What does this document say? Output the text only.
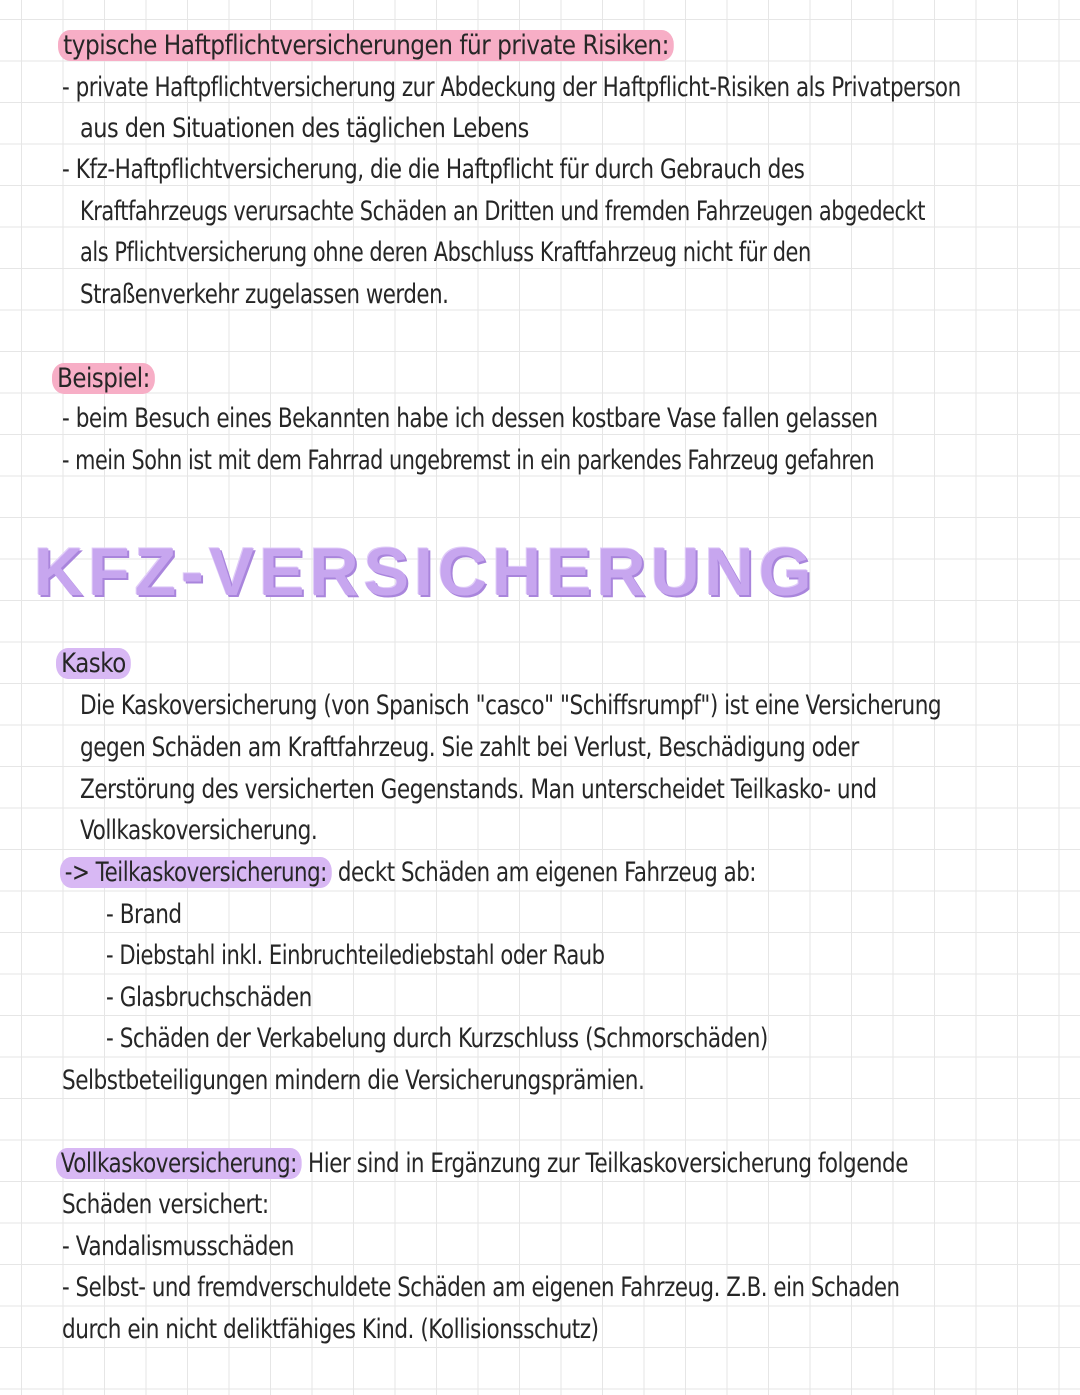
typische Haftpflichtversicherungen für private Risiken:
- private Haftpflichtversicherung zur Abdeckung der Haftpflicht-Risiken als Privatperson
aus den Situationen des täglichen Lebens
- Kfz-Haftpflichtversicherung, die die Haftpflicht für durch Gebrauch des
Kraftfahrzeugs verursachte Schäden an Dritten und fremden Fahrzeugen abgedeckt
als Pflichtversicherung ohne deren Abschluss Kraftfahrzeug nicht für den
Straßenverkehr zugelassen werden.
Beispiel:
- beim Besuch eines Bekannten habe ich dessen kostbare Vase fallen gelassen
- mein Sohn ist mit dem Fahrrad ungebremst in ein parkendes Fahrzeug gefahren
KFZ-VERSICHERUNG
Kasko
Die Kaskoversicherung (von Spanisch "casco" "Schiffsrumpf") ist eine Versicherung
gegen Schäden am Kraftfahrzeug. Sie zahlt bei Verlust, Beschädigung oder
Zerstörung des versicherten Gegenstands. Man unterscheidet Teilkasko- und
Vollkaskoversicherung.
-> Teilkaskoversicherung: deckt Schäden am eigenen Fahrzeug ab:
- Brand
- Diebstahl inkl. Einbruchteilediebstahl oder Raub
- Glasbruchschäden
- Schäden der Verkabelung durch Kurzschluss (Schmorschäden)
Selbstbeteiligungen mindern die Versicherungsprämien.
Vollkaskoversicherung: Hier sind in Ergänzung zur Teilkaskoversicherung folgende
Schäden versichert:
- Vandalismusschäden
- Selbst- und fremdverschuldete Schäden am eigenen Fahrzeug. Z.B. ein Schaden
durch ein nicht deliktfähiges Kind. (Kollisionsschutz)
